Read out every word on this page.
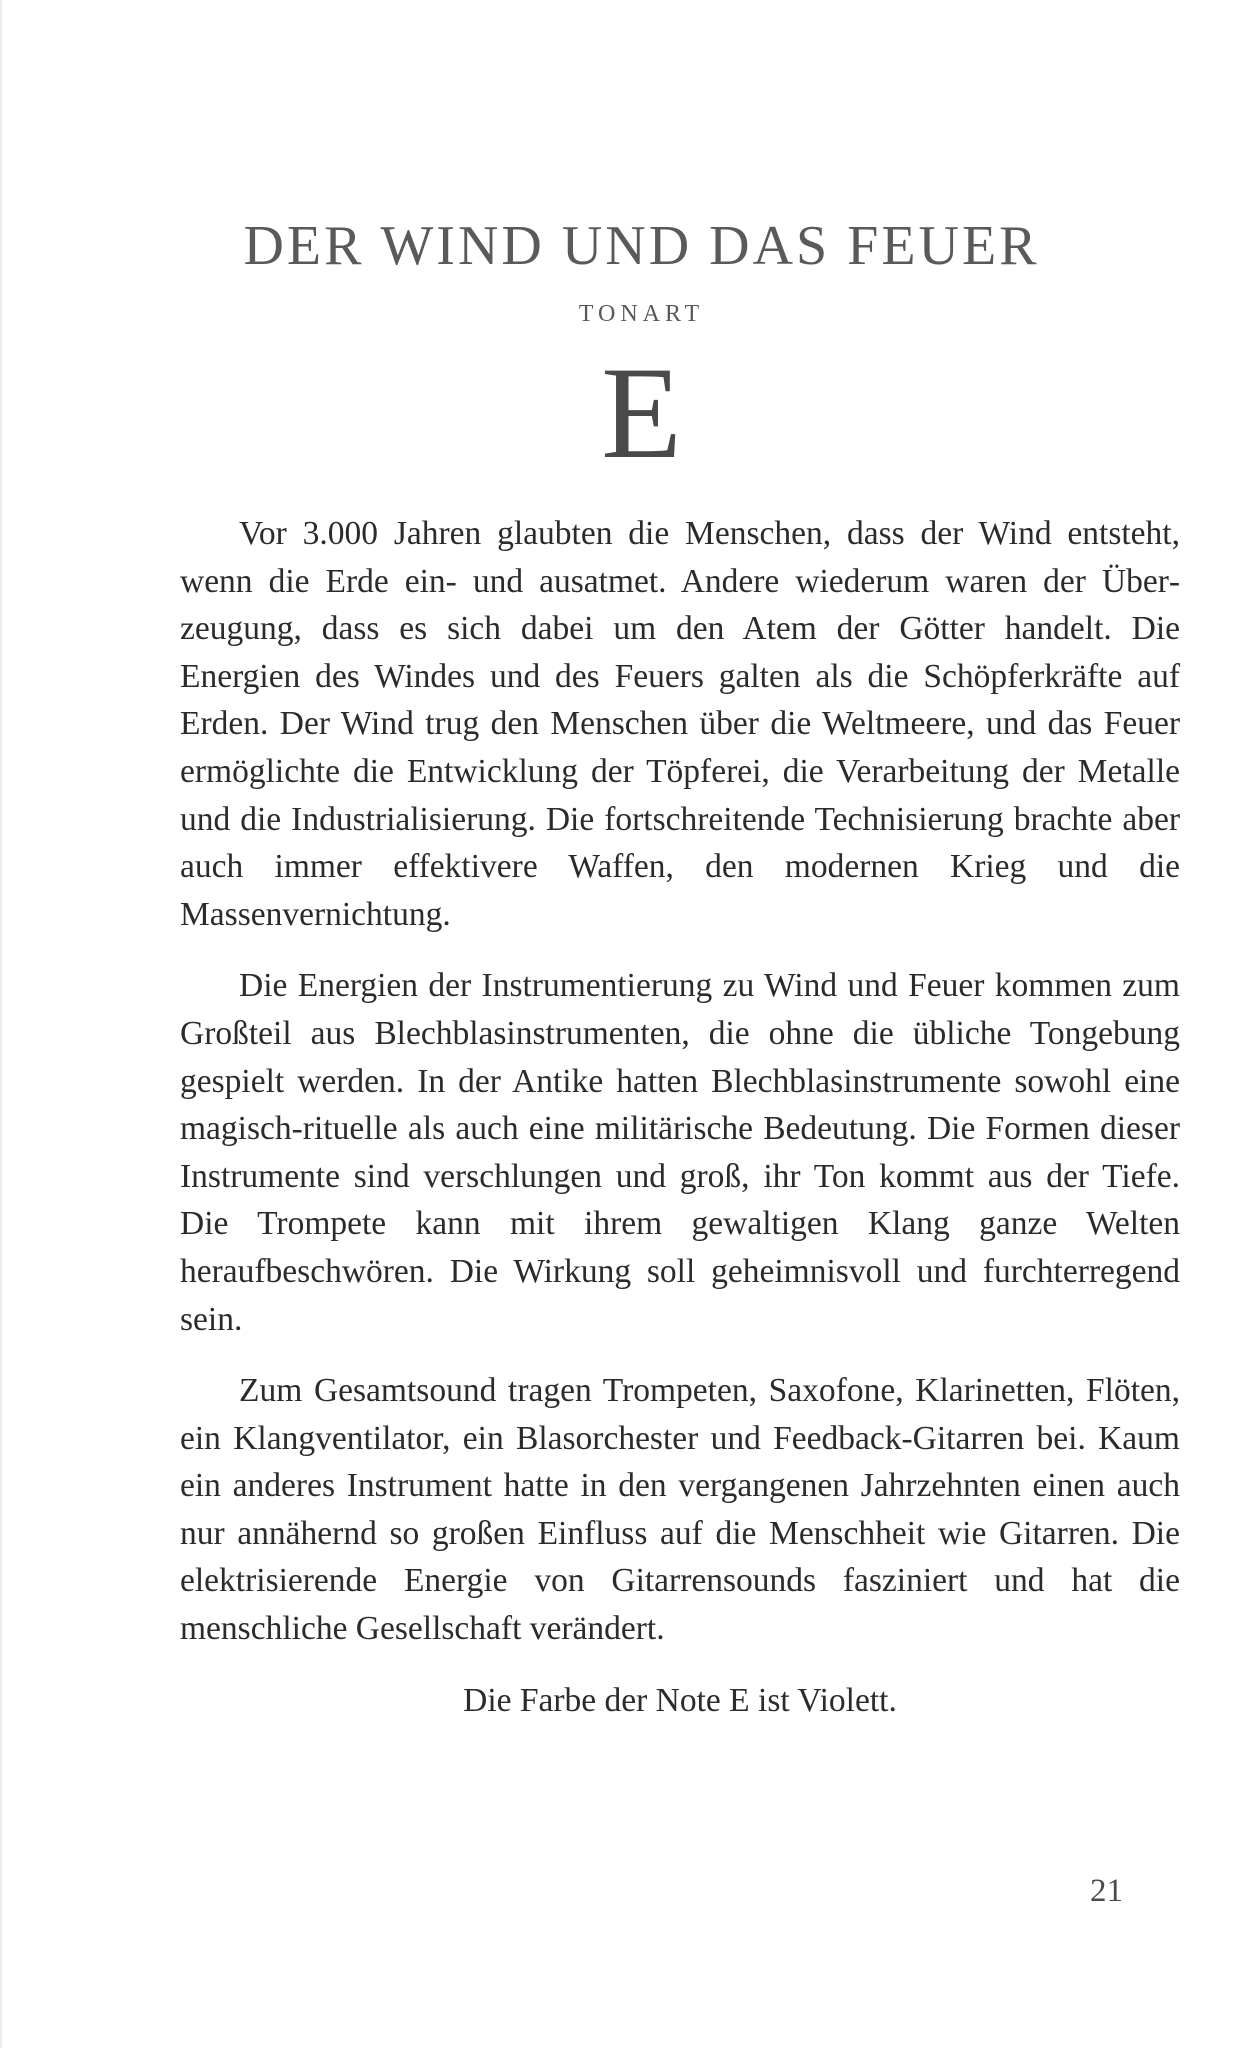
DER WIND UND DAS FEUER
TONART
E

Vor 3.000 Jahren glaubten die Menschen, dass der Wind entsteht, wenn die Erde ein- und ausatmet. Andere wiederum waren der Überzeugung, dass es sich dabei um den Atem der Götter handelt. Die Energien des Windes und des Feuers galten als die Schöpferkräfte auf Erden. Der Wind trug den Menschen über die Weltmeere, und das Feuer ermöglichte die Entwicklung der Töpferei, die Verarbeitung der Metalle und die Industrialisierung. Die fortschreitende Technisierung brachte aber auch immer effektivere Waffen, den modernen Krieg und die Massenvernichtung.

Die Energien der Instrumentierung zu Wind und Feuer kommen zum Großteil aus Blechblasinstrumenten, die ohne die übliche Tongebung gespielt werden. In der Antike hatten Blechblasinstrumente sowohl eine magisch-rituelle als auch eine militärische Bedeutung. Die Formen dieser Instrumente sind verschlungen und groß, ihr Ton kommt aus der Tiefe. Die Trompete kann mit ihrem gewaltigen Klang ganze Welten heraufbeschwören. Die Wirkung soll geheimnisvoll und furchterregend sein.

Zum Gesamtsound tragen Trompeten, Saxofone, Klarinetten, Flöten, ein Klangventilator, ein Blasorchester und Feedback-Gitarren bei. Kaum ein anderes Instrument hatte in den vergangenen Jahrzehnten einen auch nur annähernd so großen Einfluss auf die Menschheit wie Gitarren. Die elektrisierende Energie von Gitarrensounds fasziniert und hat die menschliche Gesellschaft verändert.

Die Farbe der Note E ist Violett.

21
